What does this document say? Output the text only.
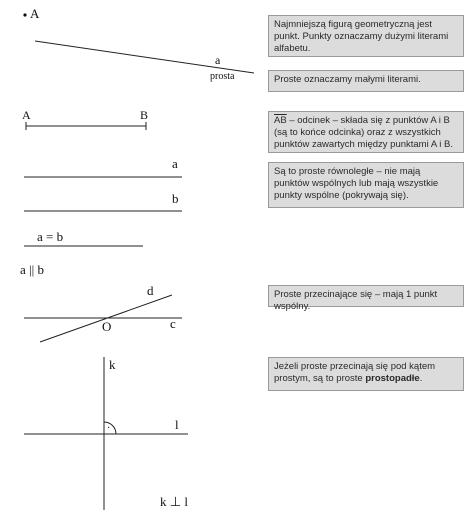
A
a
prosta
A	B
a
b
a = b
a || b
d
c
O
k
l
·
k ⊥ l
Najmniejszą figurą geometryczną jest punkt. Punkty oznaczamy dużymi literami alfabetu.
Proste oznaczamy małymi literami.
$\overline{AB}$ – odcinek – składa się z punktów A i B (są to końce odcinka) oraz z wszystkich punktów zawartych między punktami A i B.
Są to proste równoległe – nie mają punktów wspólnych lub mają wszystkie punkty wspólne (pokrywają się).
Proste przecinające się – mają 1 punkt wspólny.
Jeżeli proste przecinają się pod kątem prostym, są to proste prostopadłe.
